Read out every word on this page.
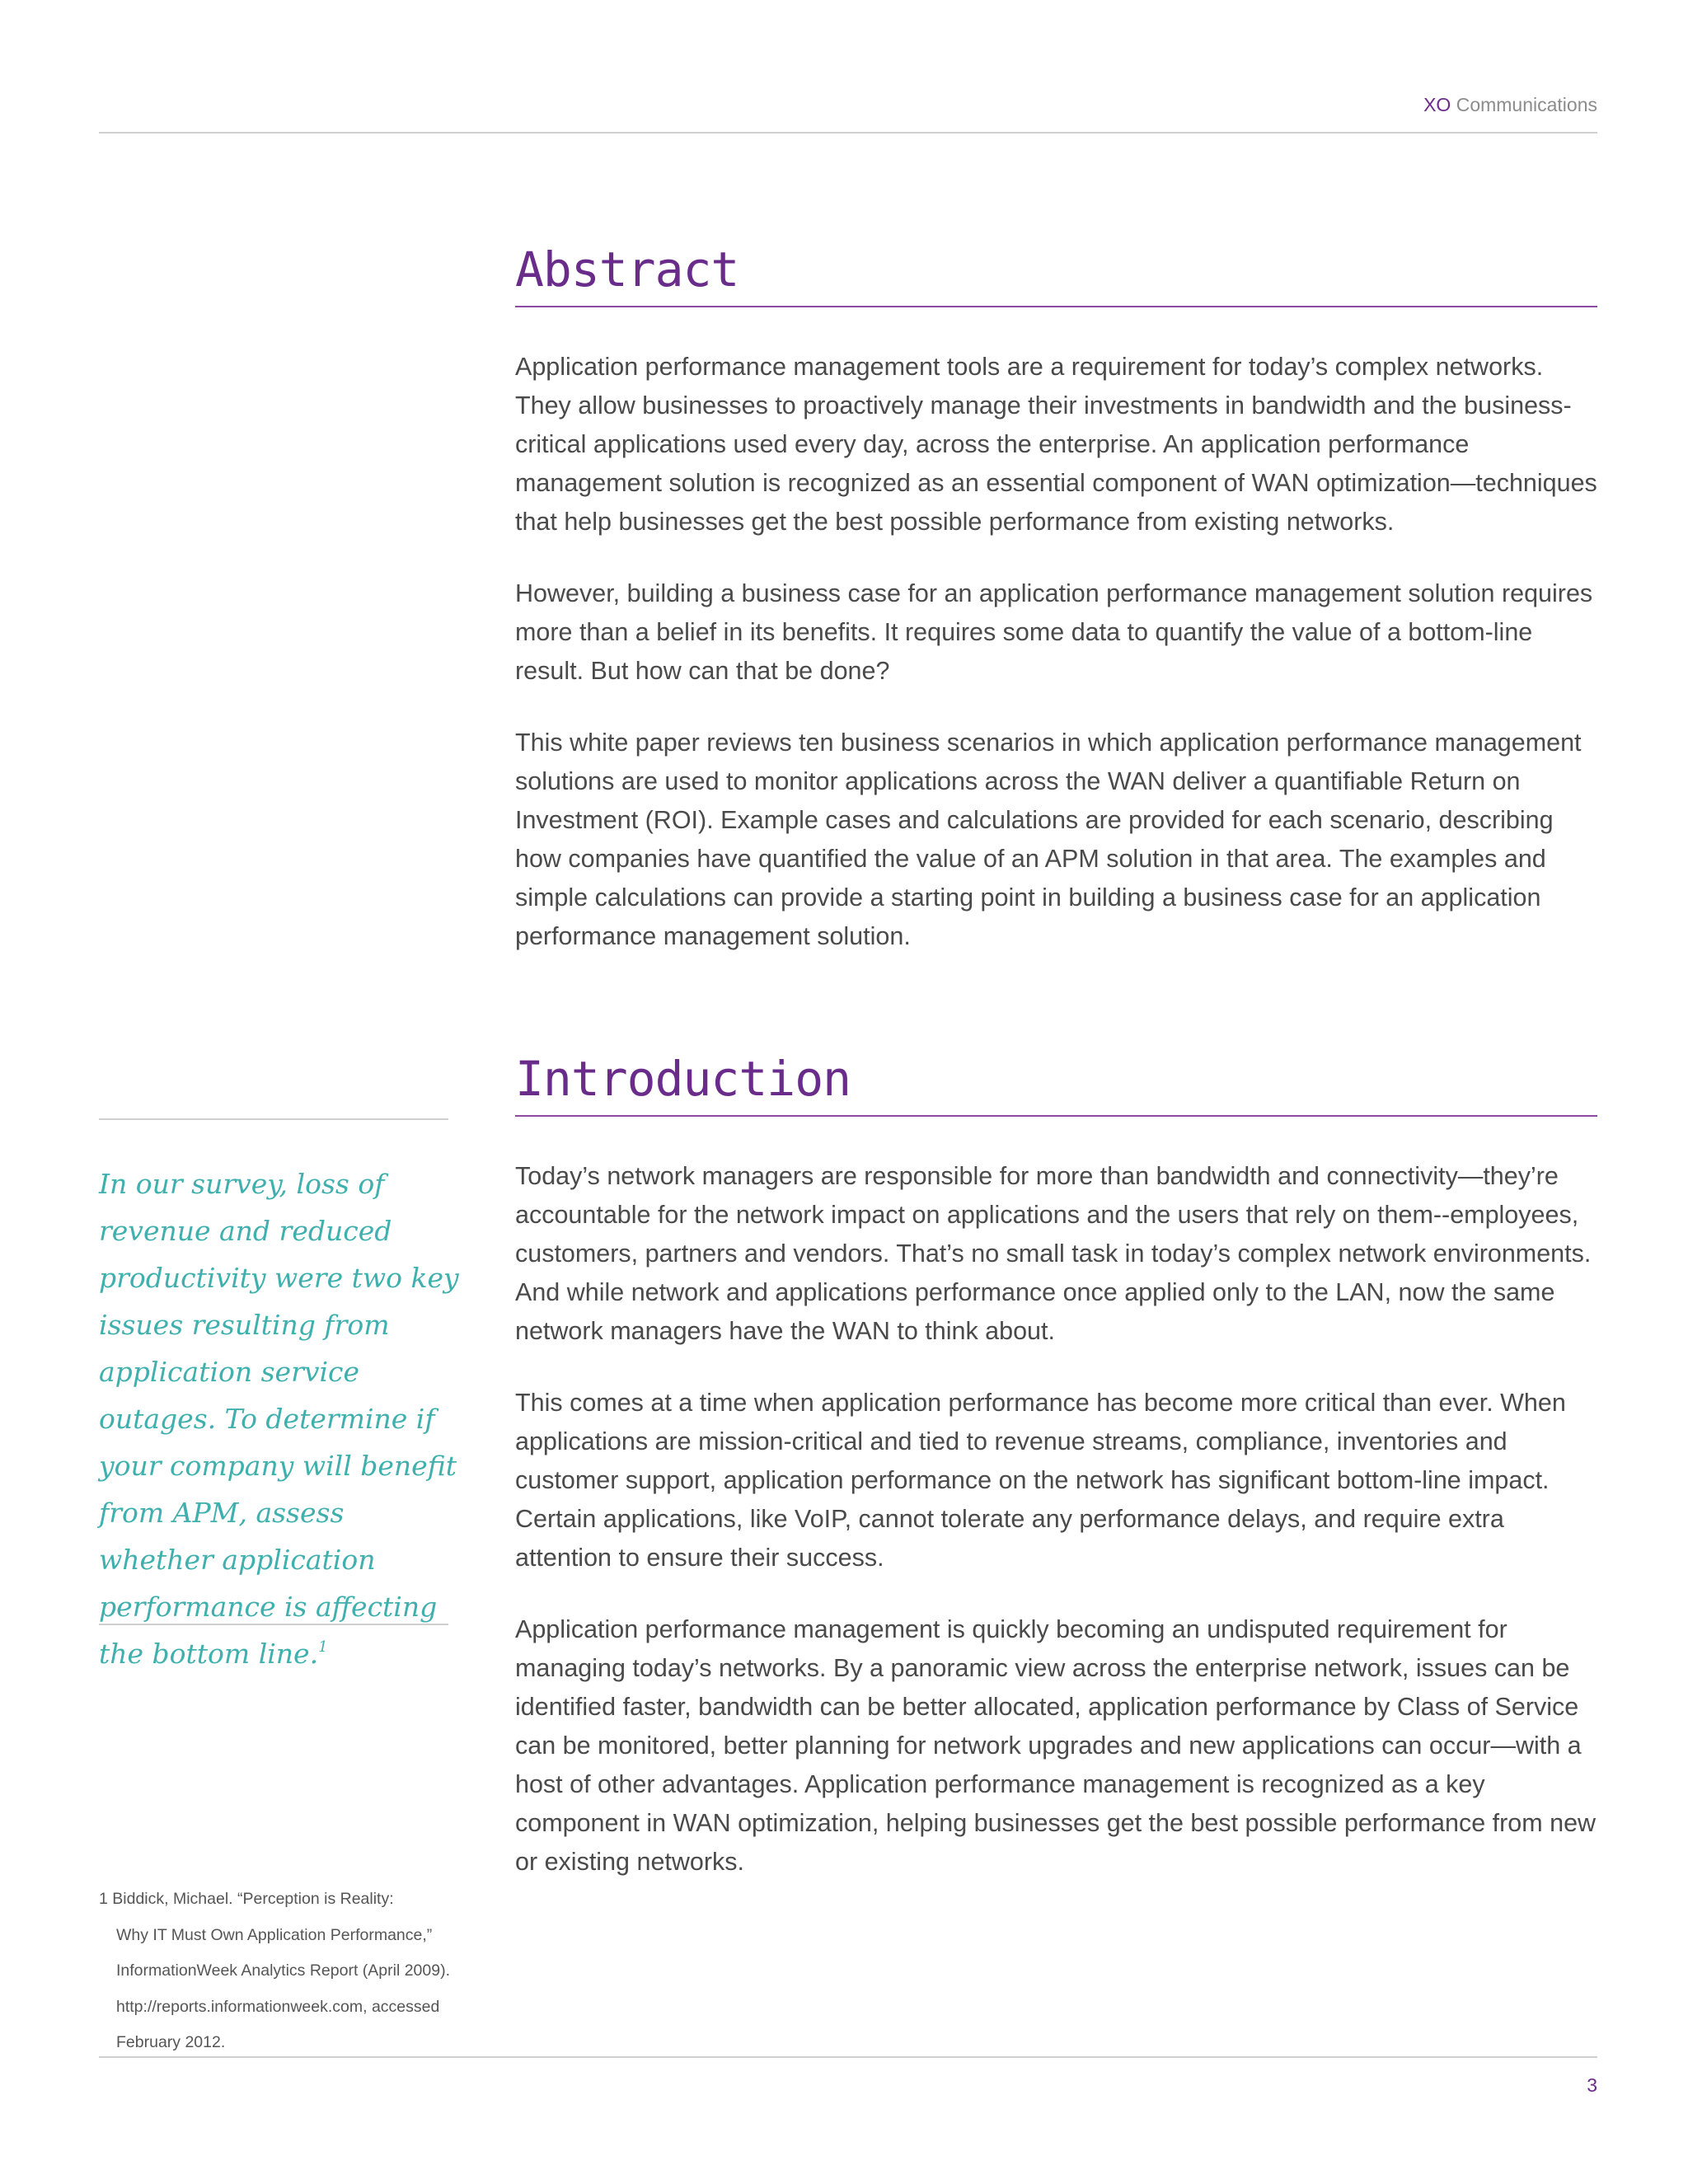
XO Communications
Abstract

Application performance management tools are a requirement for today’s complex networks. They allow businesses to proactively manage their investments in bandwidth and the business-critical applications used every day, across the enterprise. An application performance management solution is recognized as an essential component of WAN optimization—techniques that help businesses get the best possible performance from existing networks.

However, building a business case for an application performance management solution requires more than a belief in its benefits. It requires some data to quantify the value of a bottom-line result. But how can that be done?

This white paper reviews ten business scenarios in which application performance management solutions are used to monitor applications across the WAN deliver a quantifiable Return on Investment (ROI). Example cases and calculations are provided for each scenario, describing how companies have quantified the value of an APM solution in that area. The examples and simple calculations can provide a starting point in building a business case for an application performance management solution.

Introduction

Today’s network managers are responsible for more than bandwidth and connectivity—they’re accountable for the network impact on applications and the users that rely on them--employees, customers, partners and vendors. That’s no small task in today’s complex network environments. And while network and applications performance once applied only to the LAN, now the same network managers have the WAN to think about.

This comes at a time when application performance has become more critical than ever. When applications are mission-critical and tied to revenue streams, compliance, inventories and customer support, application performance on the network has significant bottom-line impact. Certain applications, like VoIP, cannot tolerate any performance delays, and require extra attention to ensure their success.

Application performance management is quickly becoming an undisputed requirement for managing today’s networks. By a panoramic view across the enterprise network, issues can be identified faster, bandwidth can be better allocated, application performance by Class of Service can be monitored, better planning for network upgrades and new applications can occur—with a host of other advantages. Application performance management is recognized as a key component in WAN optimization, helping businesses get the best possible performance from new or existing networks.

In our survey, loss of revenue and reduced productivity were two key issues resulting from application service outages. To determine if your company will benefit from APM, assess whether application performance is affecting the bottom line.$^1$

1 Biddick, Michael. “Perception is Reality:
Why IT Must Own Application Performance,”
InformationWeek Analytics Report (April 2009).
http://reports.informationweek.com, accessed
February 2012.
3
